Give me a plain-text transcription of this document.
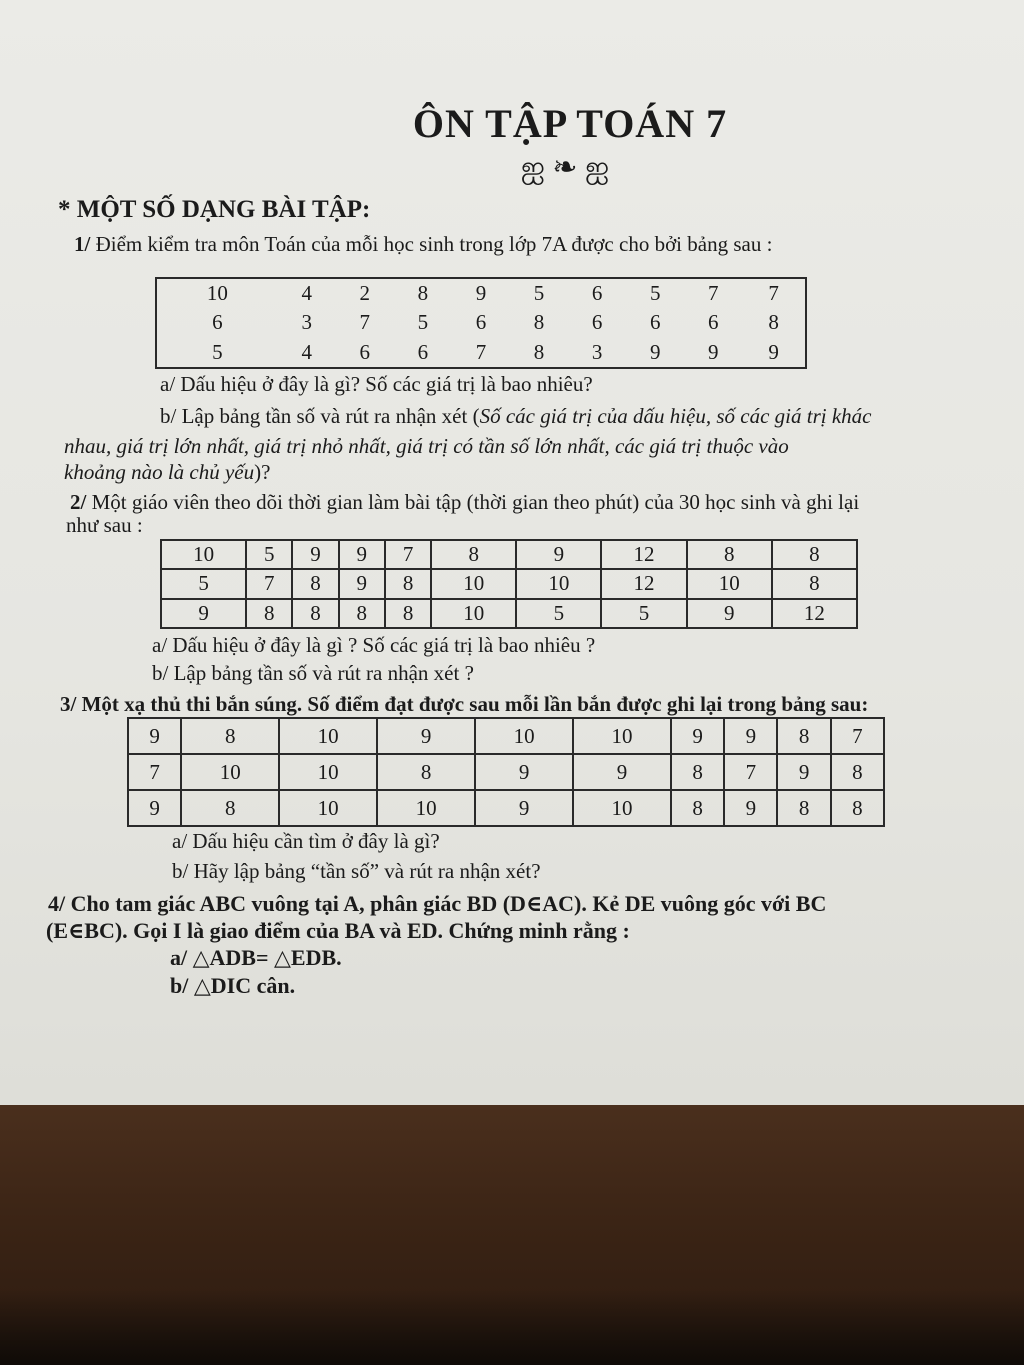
ÔN TẬP TOÁN 7
ஐ ❧ ஐ
* MỘT SỐ DẠNG BÀI TẬP:
1/ Điểm kiểm tra môn Toán của mỗi học sinh trong lớp 7A được cho bởi bảng sau :
10	4	2	8	9	5	6	5	7	7
6	3	7	5	6	8	6	6	6	8
5	4	6	6	7	8	3	9	9	9
a/ Dấu hiệu ở đây là gì? Số các giá trị là bao nhiêu?
b/ Lập bảng tần số và rút ra nhận xét (Số các giá trị của dấu hiệu, số các giá trị khác
nhau, giá trị lớn nhất, giá trị nhỏ nhất, giá trị có tần số lớn nhất, các giá trị thuộc vào
khoảng nào là chủ yếu)?
2/ Một giáo viên theo dõi thời gian làm bài tập (thời gian theo phút) của 30 học sinh và ghi lại
như sau :
10	5	9	9	7	8	9	12	8	8
5	7	8	9	8	10	10	12	10	8
9	8	8	8	8	10	5	5	9	12
a/ Dấu hiệu ở đây là gì ? Số các giá trị là bao nhiêu ?
b/ Lập bảng tần số và rút ra nhận xét ?
3/ Một xạ thủ thi bắn súng. Số điểm đạt được sau mỗi lần bắn được ghi lại trong bảng sau:
9	8	10	9	10	10	9	9	8	7
7	10	10	8	9	9	8	7	9	8
9	8	10	10	9	10	8	9	8	8
a/ Dấu hiệu cần tìm ở đây là gì?
b/ Hãy lập bảng “tần số” và rút ra nhận xét?
4/ Cho tam giác ABC vuông tại A, phân giác BD (D∈AC). Kẻ DE vuông góc với BC
(E∈BC). Gọi I là giao điểm của BA và ED. Chứng minh rằng :
a/ △ADB= △EDB.
b/ △DIC cân.
